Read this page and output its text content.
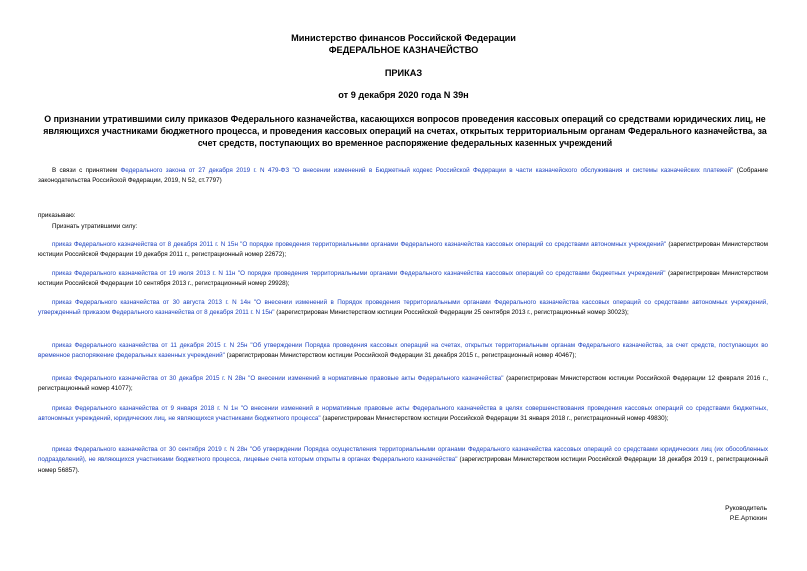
Министерство финансов Российской Федерации
ФЕДЕРАЛЬНОЕ КАЗНАЧЕЙСТВО
ПРИКАЗ
от 9 декабря 2020 года N 39н
О признании утратившими силу приказов Федерального казначейства, касающихся вопросов проведения кассовых операций со средствами юридических лиц, не являющихся участниками бюджетного процесса, и проведения кассовых операций на счетах, открытых территориальным органам Федерального казначейства, за счет средств, поступающих во временное распоряжение федеральных казенных учреждений
В связи с принятием Федерального закона от 27 декабря 2019 г. N 479-ФЗ "О внесении изменений в Бюджетный кодекс Российской Федерации в части казначейского обслуживания и системы казначейских платежей" (Собрание законодательства Российской Федерации, 2019, N 52, ст.7797)
приказываю:
Признать утратившими силу:
приказ Федерального казначейства от 8 декабря 2011 г. N 15н "О порядке проведения территориальными органами Федерального казначейства кассовых операций со средствами автономных учреждений" (зарегистрирован Министерством юстиции Российской Федерации 19 декабря 2011 г., регистрационный номер 22672);
приказ Федерального казначейства от 19 июля 2013 г. N 11н "О порядке проведения территориальными органами Федерального казначейства кассовых операций со средствами бюджетных учреждений" (зарегистрирован Министерством юстиции Российской Федерации 10 сентября 2013 г., регистрационный номер 29928);
приказ Федерального казначейства от 30 августа 2013 г. N 14н "О внесении изменений в Порядок проведения территориальными органами Федерального казначейства кассовых операций со средствами автономных учреждений, утвержденный приказом Федерального казначейства от 8 декабря 2011 г. N 15н" (зарегистрирован Министерством юстиции Российской Федерации 25 сентября 2013 г., регистрационный номер 30023);
приказ Федерального казначейства от 11 декабря 2015 г. N 25н "Об утверждении Порядка проведения кассовых операций на счетах, открытых территориальным органам Федерального казначейства, за счет средств, поступающих во временное распоряжение федеральных казенных учреждений" (зарегистрирован Министерством юстиции Российской Федерации 31 декабря 2015 г., регистрационный номер 40467);
приказ Федерального казначейства от 30 декабря 2015 г. N 28н "О внесении изменений в нормативные правовые акты Федерального казначейства" (зарегистрирован Министерством юстиции Российской Федерации 12 февраля 2016 г., регистрационный номер 41077);
приказ Федерального казначейства от 9 января 2018 г. N 1н "О внесении изменений в нормативные правовые акты Федерального казначейства в целях совершенствования проведения кассовых операций со средствами бюджетных, автономных учреждений, юридических лиц, не являющихся участниками бюджетного процесса" (зарегистрирован Министерством юстиции Российской Федерации 31 января 2018 г., регистрационный номер 49830);
приказ Федерального казначейства от 30 сентября 2019 г. N 28н "Об утверждении Порядка осуществления территориальными органами Федерального казначейства кассовых операций со средствами юридических лиц (их обособленных подразделений), не являющихся участниками бюджетного процесса, лицевые счета которым открыты в органах Федерального казначейства" (зарегистрирован Министерством юстиции Российской Федерации 18 декабря 2019 г., регистрационный номер 56857).
Руководитель
Р.Е.Артюхин
